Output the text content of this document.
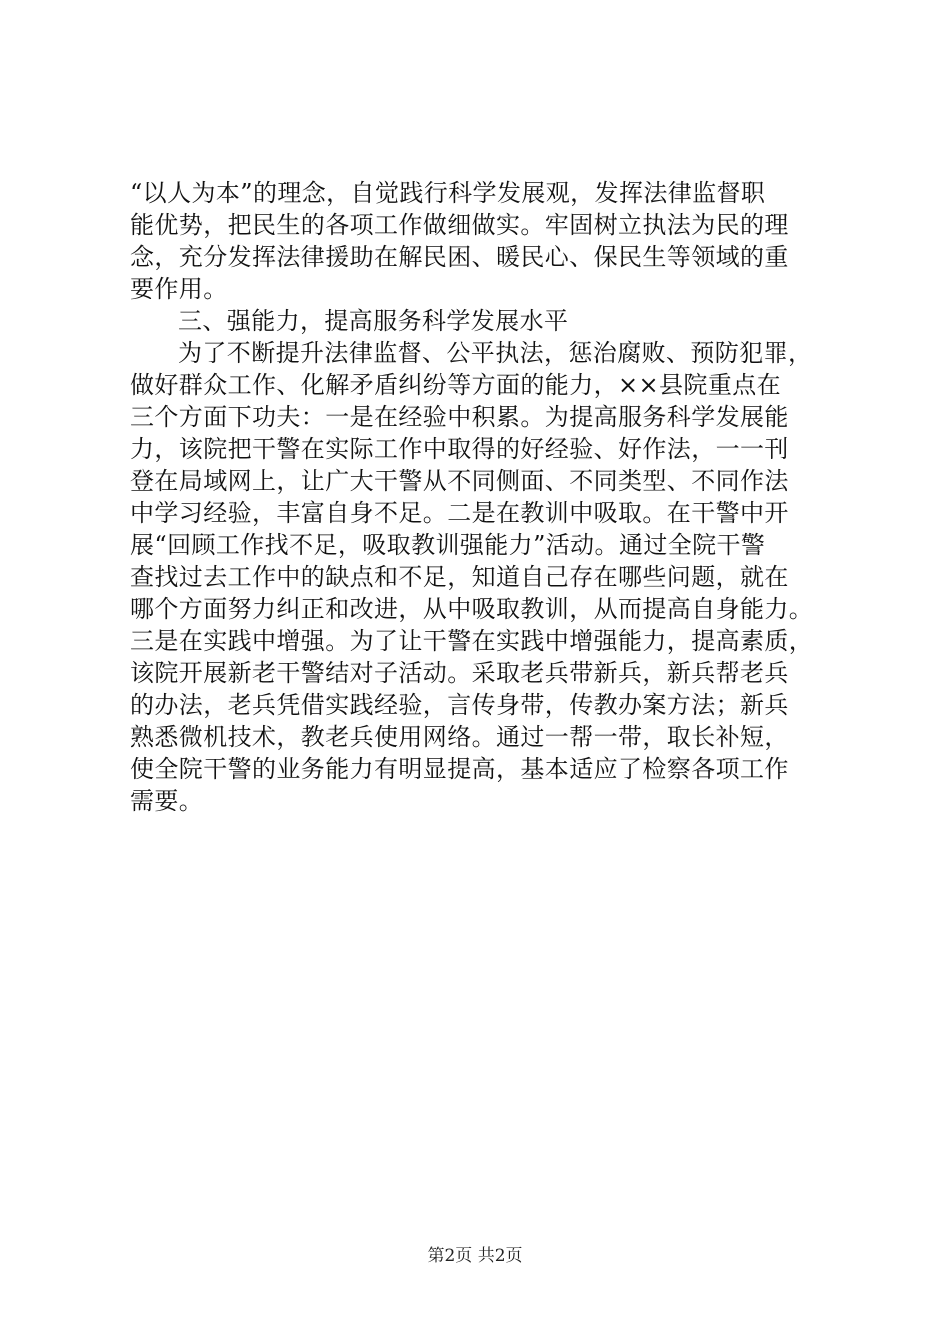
“以人为本”的理念，自觉践行科学发展观，发挥法律监督职
能优势，把民生的各项工作做细做实。牢固树立执法为民的理
念，充分发挥法律援助在解民困、暖民心、保民生等领域的重
要作用。
三、强能力，提高服务科学发展水平
为了不断提升法律监督、公平执法，惩治腐败、预防犯罪，
做好群众工作、化解矛盾纠纷等方面的能力，××县院重点在
三个方面下功夫：一是在经验中积累。为提高服务科学发展能
力，该院把干警在实际工作中取得的好经验、好作法，一一刊
登在局域网上，让广大干警从不同侧面、不同类型、不同作法
中学习经验，丰富自身不足。二是在教训中吸取。在干警中开
展“回顾工作找不足，吸取教训强能力”活动。通过全院干警
查找过去工作中的缺点和不足，知道自己存在哪些问题，就在
哪个方面努力纠正和改进，从中吸取教训，从而提高自身能力。
三是在实践中增强。为了让干警在实践中增强能力，提高素质，
该院开展新老干警结对子活动。采取老兵带新兵，新兵帮老兵
的办法，老兵凭借实践经验，言传身带，传教办案方法；新兵
熟悉微机技术，教老兵使用网络。通过一帮一带，取长补短，
使全院干警的业务能力有明显提高，基本适应了检察各项工作
需要。
第2页 共2页
